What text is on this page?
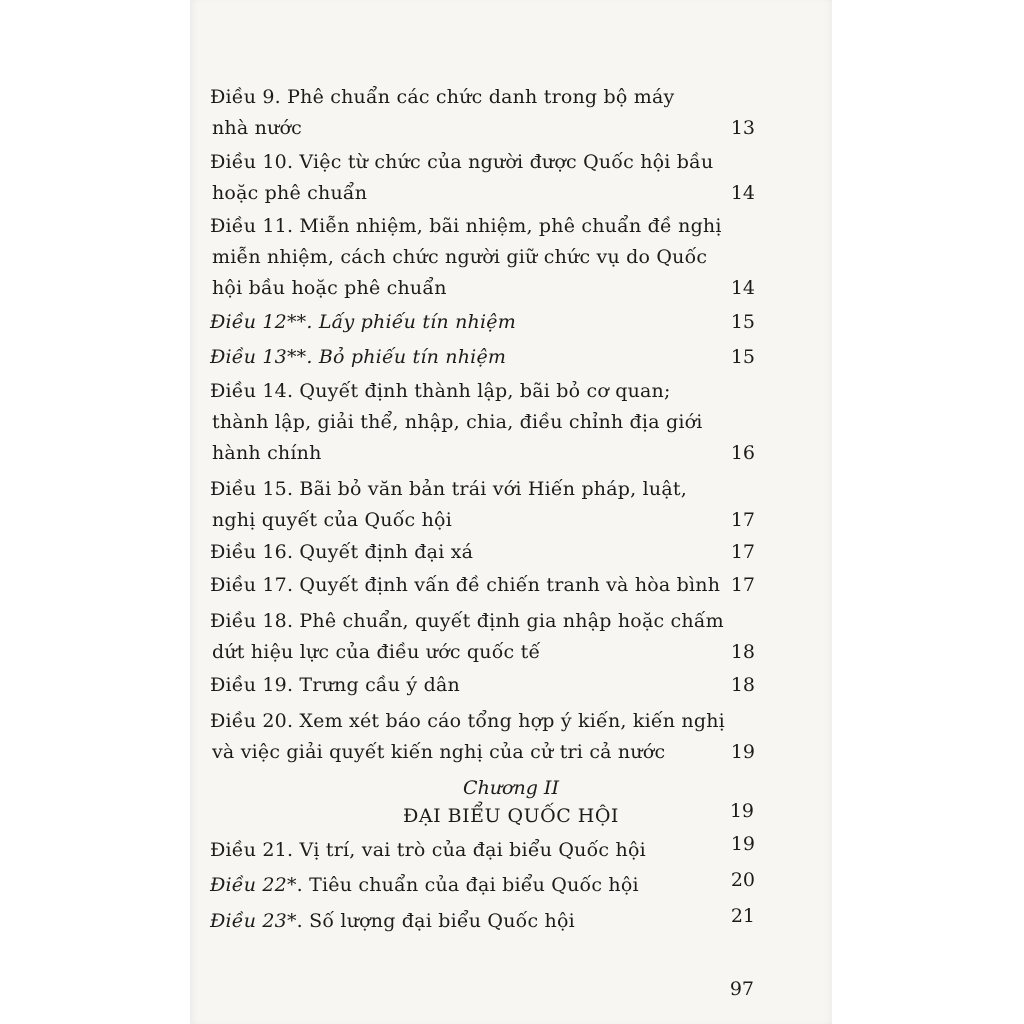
Điều 9. Phê chuẩn các chức danh trong bộ máy
nhà nước	13
Điều 10. Việc từ chức của người được Quốc hội bầu
hoặc phê chuẩn	14
Điều 11. Miễn nhiệm, bãi nhiệm, phê chuẩn đề nghị
miễn nhiệm, cách chức người giữ chức vụ do Quốc
hội bầu hoặc phê chuẩn	14
Điều 12**. Lấy phiếu tín nhiệm	15
Điều 13**. Bỏ phiếu tín nhiệm	15
Điều 14. Quyết định thành lập, bãi bỏ cơ quan;
thành lập, giải thể, nhập, chia, điều chỉnh địa giới
hành chính	16
Điều 15. Bãi bỏ văn bản trái với Hiến pháp, luật,
nghị quyết của Quốc hội	17
Điều 16. Quyết định đại xá	17
Điều 17. Quyết định vấn đề chiến tranh và hòa bình 17
Điều 18. Phê chuẩn, quyết định gia nhập hoặc chấm
dứt hiệu lực của điều ước quốc tế	18
Điều 19. Trưng cầu ý dân	18
Điều 20. Xem xét báo cáo tổng hợp ý kiến, kiến nghị
và việc giải quyết kiến nghị của cử tri cả nước	19
Chương II
ĐẠI BIỂU QUỐC HỘI	19
Điều 21. Vị trí, vai trò của đại biểu Quốc hội	19
Điều 22*. Tiêu chuẩn của đại biểu Quốc hội	20
Điều 23*. Số lượng đại biểu Quốc hội	21
97
